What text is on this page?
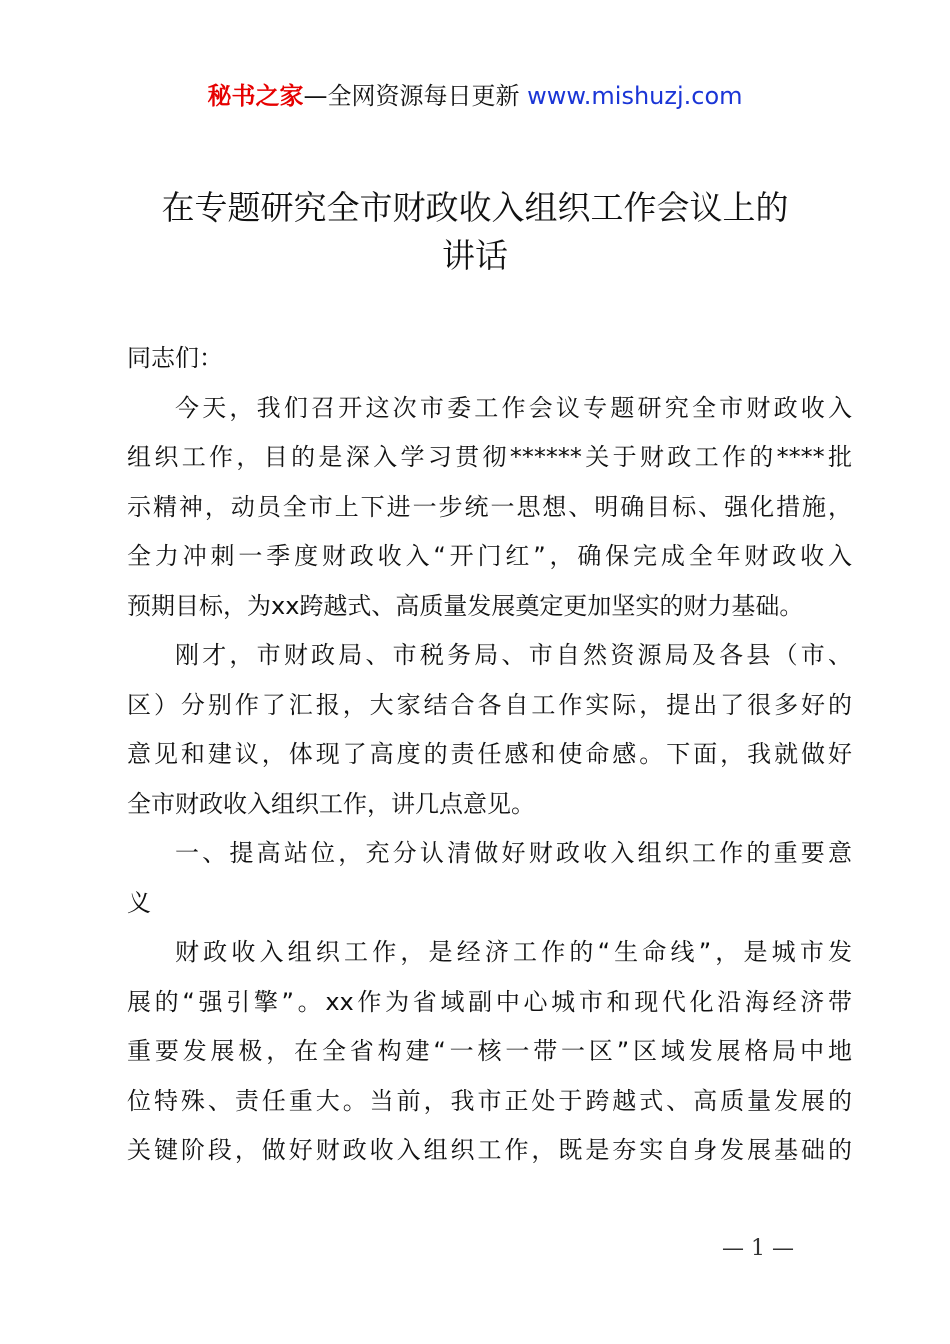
秘书之家—全网资源每日更新 www.mishuzj.com
在专题研究全市财政收入组织工作会议上的
讲话
同志们：
今天，我们召开这次市委工作会议专题研究全市财政收入
组织工作，目的是深入学习贯彻******关于财政工作的****批
示精神，动员全市上下进一步统一思想、明确目标、强化措施，
全力冲刺一季度财政收入“开门红”，确保完成全年财政收入
预期目标，为xx跨越式、高质量发展奠定更加坚实的财力基础。
刚才，市财政局、市税务局、市自然资源局及各县（市、
区）分别作了汇报，大家结合各自工作实际，提出了很多好的
意见和建议，体现了高度的责任感和使命感。下面，我就做好
全市财政收入组织工作，讲几点意见。
一、提高站位，充分认清做好财政收入组织工作的重要意
义
财政收入组织工作，是经济工作的“生命线”，是城市发
展的“强引擎”。xx作为省域副中心城市和现代化沿海经济带
重要发展极，在全省构建“一核一带一区”区域发展格局中地
位特殊、责任重大。当前，我市正处于跨越式、高质量发展的
关键阶段，做好财政收入组织工作，既是夯实自身发展基础的
— 1 —
